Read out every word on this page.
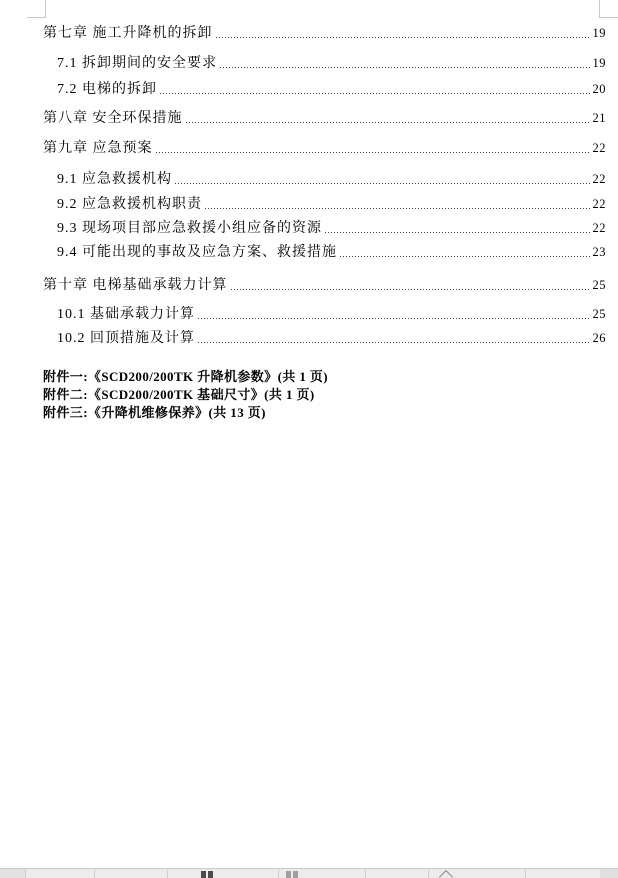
第七章 施工升降机的拆卸	19
7.1 拆卸期间的安全要求	19
7.2 电梯的拆卸	20
第八章 安全环保措施	21
第九章 应急预案	22
9.1 应急救援机构	22
9.2 应急救援机构职责	22
9.3 现场项目部应急救援小组应备的资源	22
9.4 可能出现的事故及应急方案、救援措施	23
第十章 电梯基础承载力计算	25
10.1 基础承载力计算	25
10.2 回顶措施及计算	26
附件一:《SCD200/200TK 升降机参数》(共 1 页)
附件二:《SCD200/200TK 基础尺寸》(共 1 页)
附件三:《升降机维修保养》(共 13 页)
